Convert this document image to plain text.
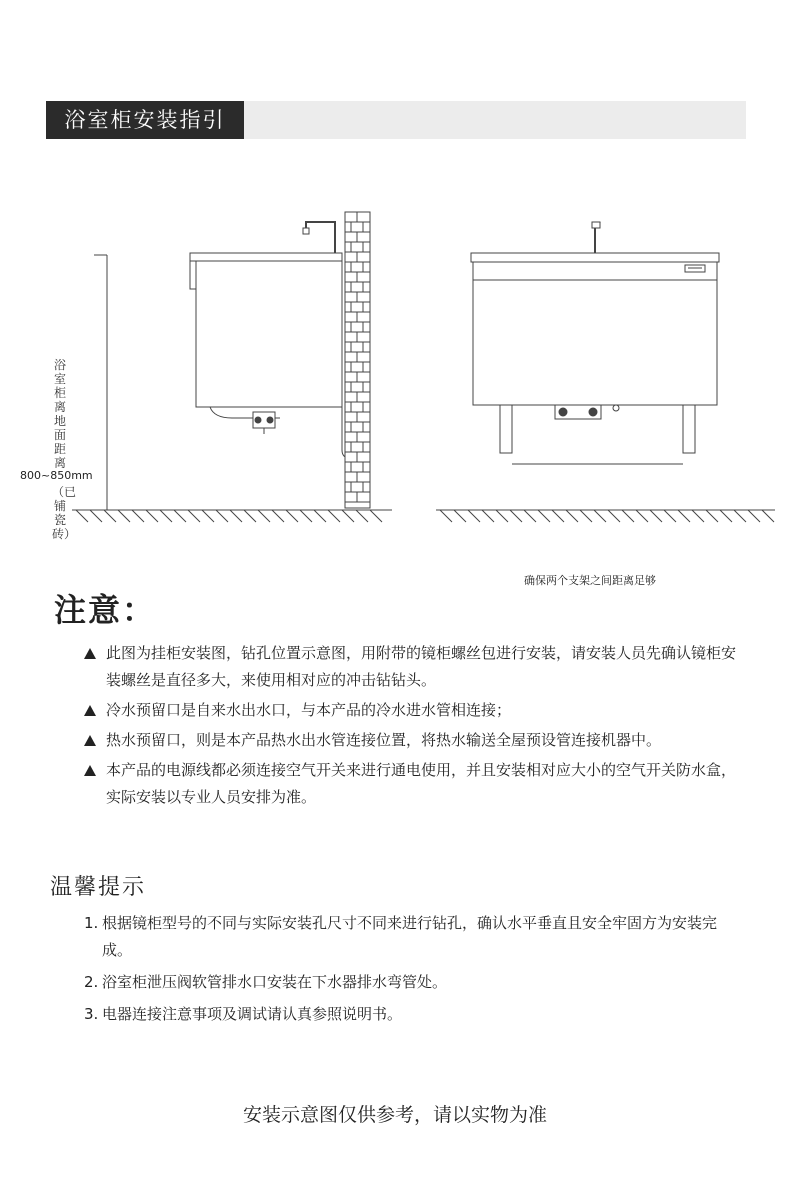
浴室柜安装指引
浴室柜离地面距离
800~850mm
（已铺瓷砖）
确保两个支架之间距离足够
注意：
此图为挂柜安装图，钻孔位置示意图，用附带的镜柜螺丝包进行安装，请安装人员先确认镜柜安装螺丝是直径多大，来使用相对应的冲击钻钻头。
冷水预留口是自来水出水口，与本产品的冷水进水管相连接；
热水预留口，则是本产品热水出水管连接位置，将热水输送全屋预设管连接机器中。
本产品的电源线都必须连接空气开关来进行通电使用，并且安装相对应大小的空气开关防水盒，实际安装以专业人员安排为准。
温馨提示
1. 根据镜柜型号的不同与实际安装孔尺寸不同来进行钻孔，确认水平垂直且安全牢固方为安装完成。
2. 浴室柜泄压阀软管排水口安装在下水器排水弯管处。
3. 电器连接注意事项及调试请认真参照说明书。
安装示意图仅供参考，请以实物为准
